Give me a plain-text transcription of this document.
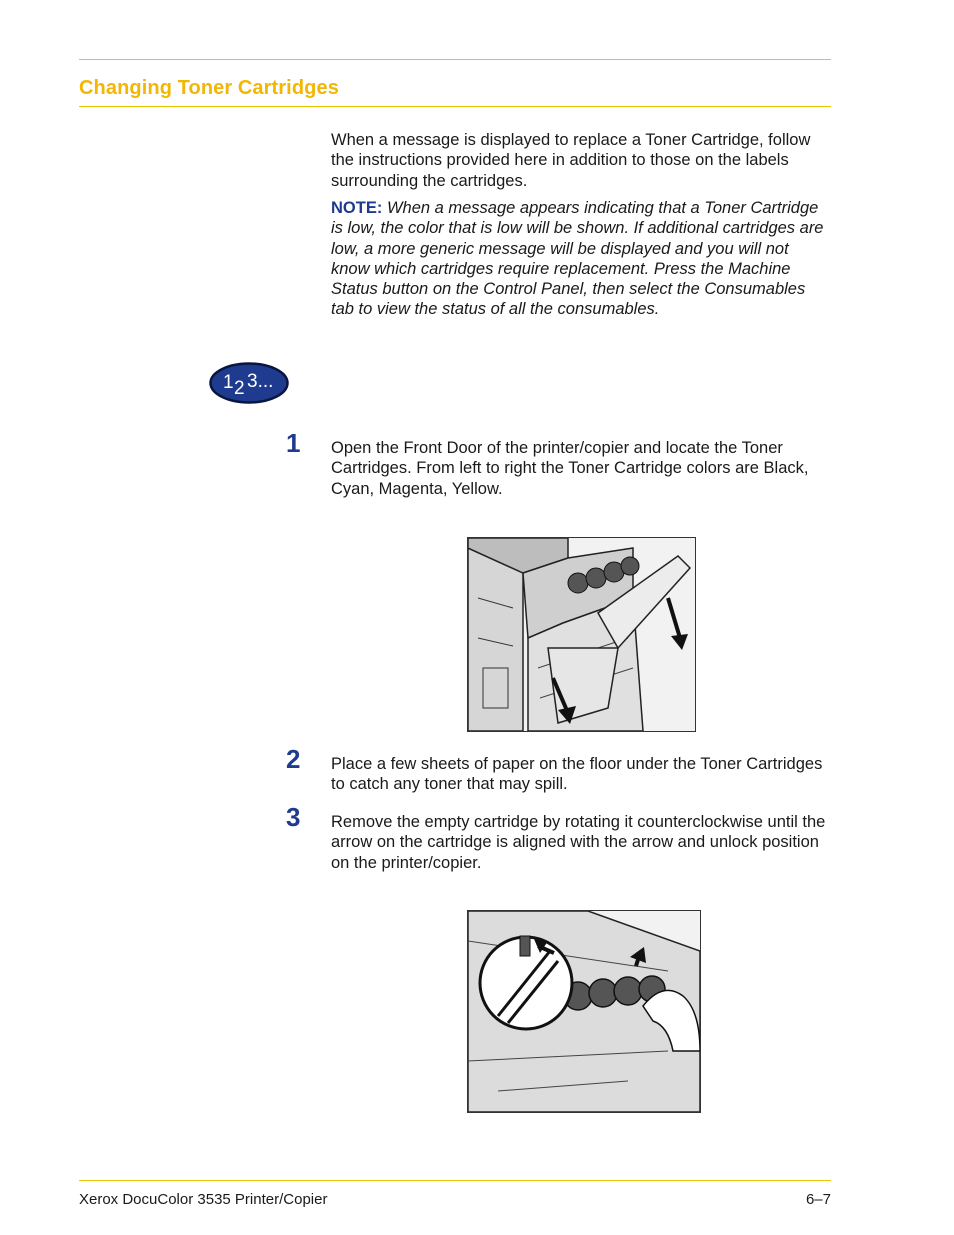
Changing Toner Cartridges
When a message is displayed to replace a Toner Cartridge, follow the instructions provided here in addition to those on the labels surrounding the cartridges.
NOTE: When a message appears indicating that a Toner Cartridge is low, the color that is low will be shown. If additional cartridges are low, a more generic message will be displayed and you will not know which cartridges require replacement. Press the Machine Status button on the Control Panel, then select the Consumables tab to view the status of all the consumables.
1 2 3...
1 Open the Front Door of the printer/copier and locate the Toner Cartridges. From left to right the Toner Cartridge colors are Black, Cyan, Magenta, Yellow.
2 Place a few sheets of paper on the floor under the Toner Cartridges to catch any toner that may spill.
3 Remove the empty cartridge by rotating it counterclockwise until the arrow on the cartridge is aligned with the arrow and unlock position on the printer/copier.
Xerox DocuColor 3535 Printer/Copier	6–7
